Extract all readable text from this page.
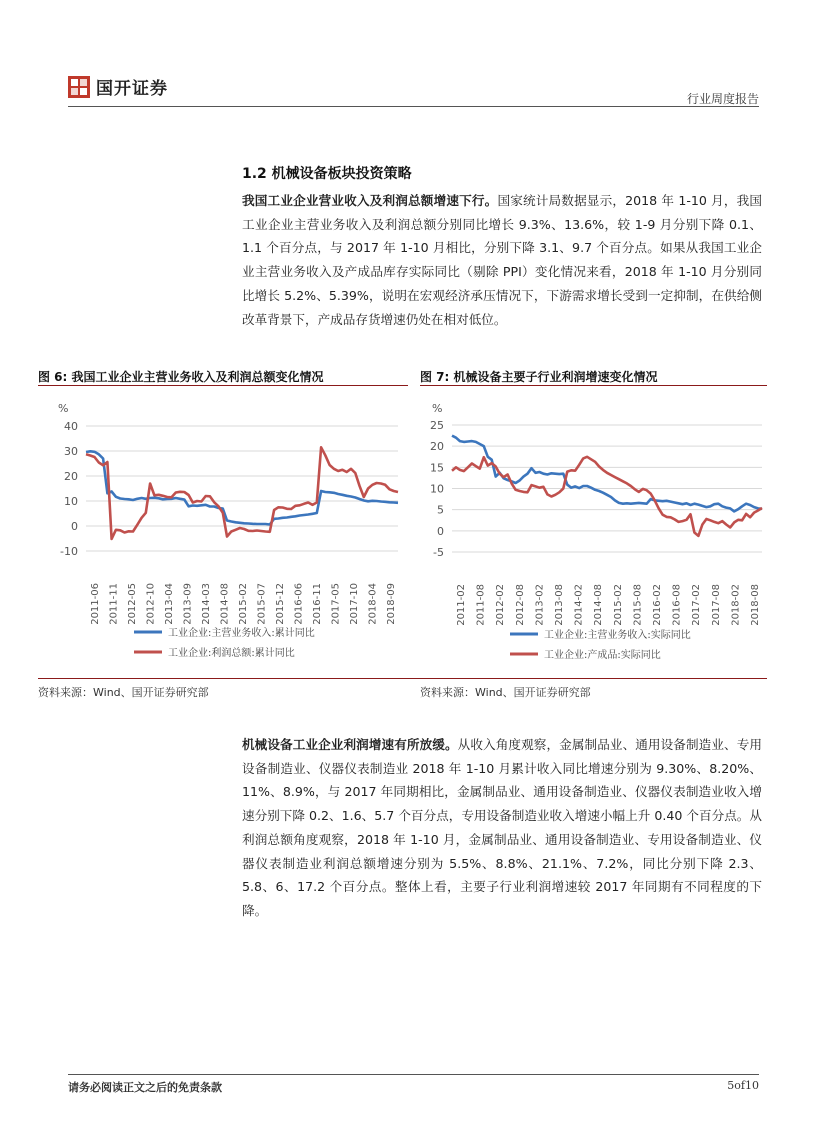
国开证券	行业周度报告
1.2 机械设备板块投资策略
我国工业企业营业收入及利润总额增速下行。国家统计局数据显示，2018 年 1-10 月，我国工业企业主营业务收入及利润总额分别同比增长 9.3%、13.6%，较 1-9 月分别下降 0.1、1.1 个百分点，与 2017 年 1-10 月相比，分别下降 3.1、9.7 个百分点。如果从我国工业企业主营业务收入及产成品库存实际同比（剔除 PPI）变化情况来看，2018 年 1-10 月分别同比增长 5.2%、5.39%，说明在宏观经济承压情况下，下游需求增长受到一定抑制，在供给侧改革背景下，产成品存货增速仍处在相对低位。
图 6: 我国工业企业主营业务收入及利润总额变化情况	图 7: 机械设备主要子行业利润增速变化情况
%
-10
0
10
20
30
40
2011-06 2011-11 2012-05 2012-10 2013-04 2013-09 2014-03 2014-08 2015-02 2015-07 2015-12 2016-06 2016-11 2017-05 2017-10 2018-04 2018-09
工业企业:主营业务收入:累计同比
工业企业:利润总额:累计同比
%
-5
0
5
10
15
20
25
2011-02 2011-08 2012-02 2012-08 2013-02 2013-08 2014-02 2014-08 2015-02 2015-08 2016-02 2016-08 2017-02 2017-08 2018-02 2018-08
工业企业:主营业务收入:实际同比
工业企业:产成品:实际同比
资料来源：Wind、国开证券研究部	资料来源：Wind、国开证券研究部
机械设备工业企业利润增速有所放缓。从收入角度观察，金属制品业、通用设备制造业、专用设备制造业、仪器仪表制造业 2018 年 1-10 月累计收入同比增速分别为 9.30%、8.20%、11%、8.9%，与 2017 年同期相比，金属制品业、通用设备制造业、仪器仪表制造业收入增速分别下降 0.2、1.6、5.7 个百分点，专用设备制造业收入增速小幅上升 0.40 个百分点。从利润总额角度观察，2018 年 1-10 月，金属制品业、通用设备制造业、专用设备制造业、仪器仪表制造业利润总额增速分别为 5.5%、8.8%、21.1%、7.2%，同比分别下降 2.3、5.8、6、17.2 个百分点。整体上看，主要子行业利润增速较 2017 年同期有不同程度的下降。
请务必阅读正文之后的免责条款	5of10
